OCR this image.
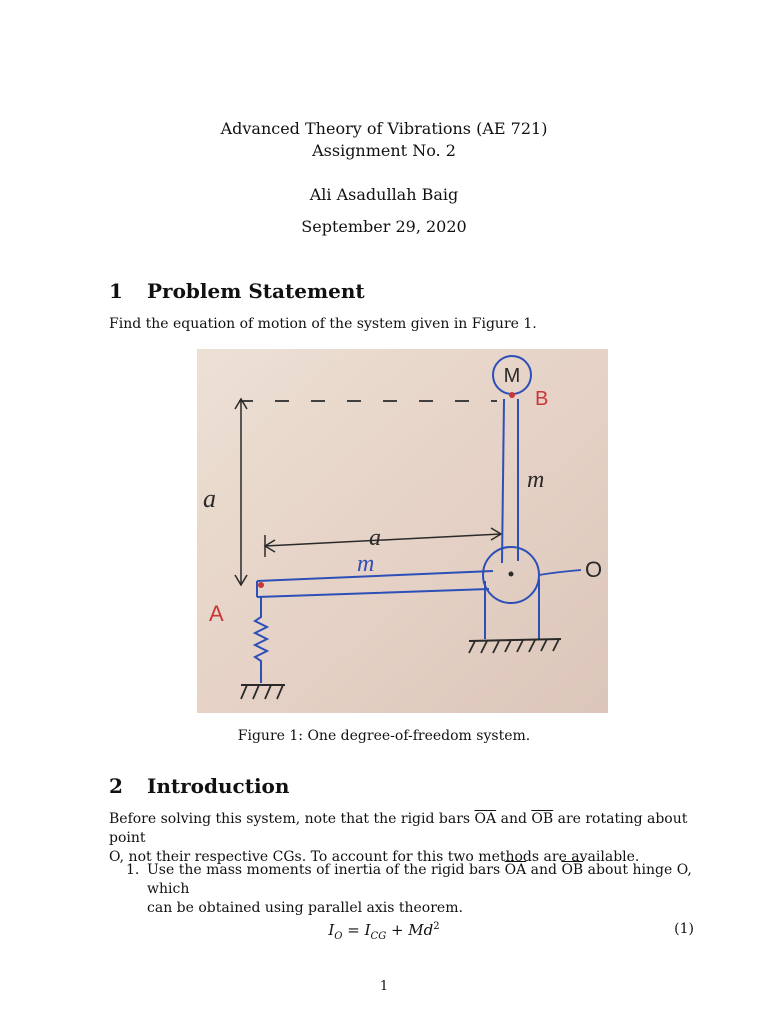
Advanced Theory of Vibrations (AE 721)
Assignment No. 2
Ali Asadullah Baig
September 29, 2020
1 Problem Statement
Find the equation of motion of the system given in Figure 1.
M
B
a
a
m
m	O
A
Figure 1: One degree-of-freedom system.
2 Introduction
Before solving this system, note that the rigid bars $\overline{OA}$ and $\overline{OB}$ are rotating about point
O, not their respective CGs. To account for this two methods are available.
1. Use the mass moments of inertia of the rigid bars $\overline{OA}$ and $\overline{OB}$ about hinge O, which
can be obtained using parallel axis theorem.
$I_O = I_{CG} + Md^2$	(1)
1
